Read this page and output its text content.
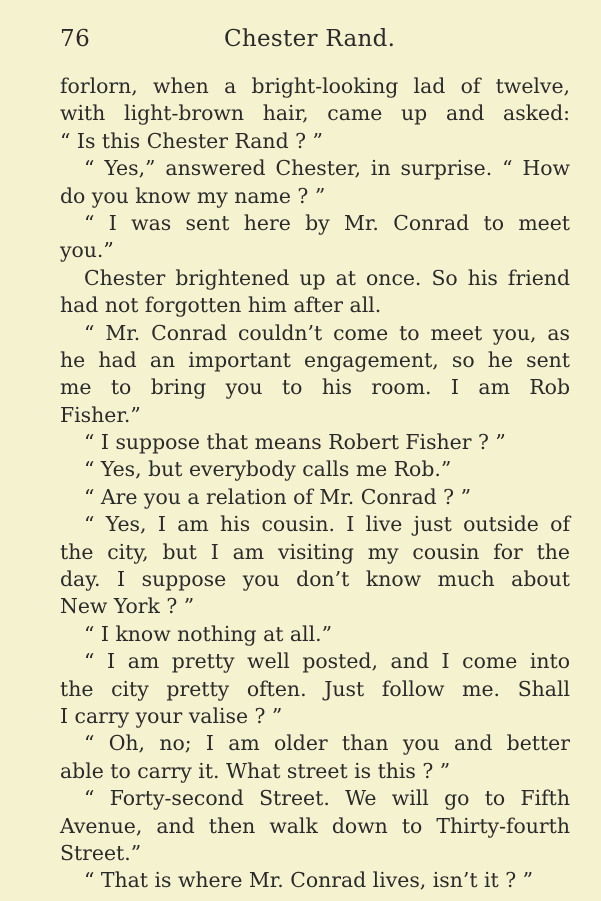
76	Chester Rand.
forlorn, when a bright-looking lad of twelve,
with light-brown hair, came up and asked:
“ Is this Chester Rand ? ”
“ Yes,” answered Chester, in surprise. “ How
do you know my name ? ”
“ I was sent here by Mr. Conrad to meet
you.”
Chester brightened up at once. So his friend
had not forgotten him after all.
“ Mr. Conrad couldn’t come to meet you, as
he had an important engagement, so he sent
me to bring you to his room. I am Rob
Fisher.”
“ I suppose that means Robert Fisher ? ”
“ Yes, but everybody calls me Rob.”
“ Are you a relation of Mr. Conrad ? ”
“ Yes, I am his cousin. I live just outside of
the city, but I am visiting my cousin for the
day. I suppose you don’t know much about
New York ? ”
“ I know nothing at all.”
“ I am pretty well posted, and I come into
the city pretty often. Just follow me. Shall
I carry your valise ? ”
“ Oh, no; I am older than you and better
able to carry it. What street is this ? ”
“ Forty-second Street. We will go to Fifth
Avenue, and then walk down to Thirty-fourth
Street.”
“ That is where Mr. Conrad lives, isn’t it ? ”
